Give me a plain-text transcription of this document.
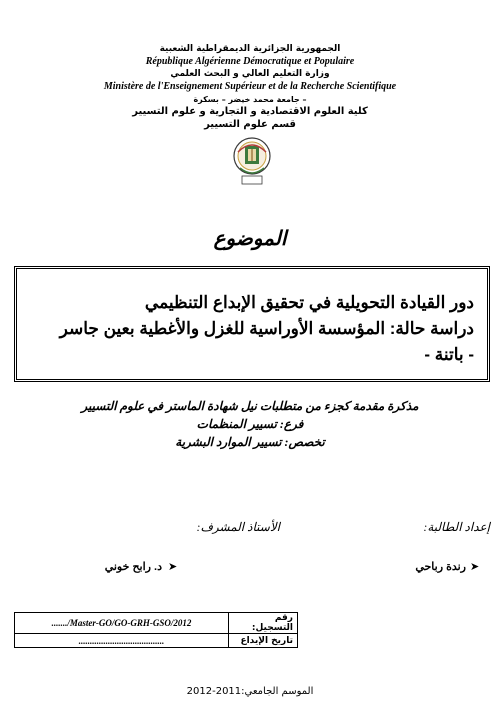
الجمهورية الجزائرية الديمقراطية الشعبية
République Algérienne Démocratique et Populaire
وزارة التعليم العالي و البحث العلمي
Ministère de l'Enseignement Supérieur et de la Recherche Scientifique
جامعة محمد خيضر – بسكرة –
كلية العلوم الاقتصادية و التجارية و علوم التسيير
قسم علوم التسيير
الموضوع
دور القيادة التحويلية في تحقيق الإبداع التنظيمي
دراسة حالة: المؤسسة الأوراسية للغزل والأغطية بعين جاسر
- باتنة -
مذكرة مقدمة كجزء من متطلبات نيل شهادة الماستر في علوم التسيير
فرع: تسيير المنظمات
تخصص: تسيير الموارد البشرية
إعداد الطالبة:
الأستاذ المشرف:
➤
رندة رباحي
➤
د. رابح خوني
......./Master-GO/GO-GRH-GSO/2012	رقم التسجيل:
......................................	تاريخ الإيداع
الموسم الجامعي:2011-2012
